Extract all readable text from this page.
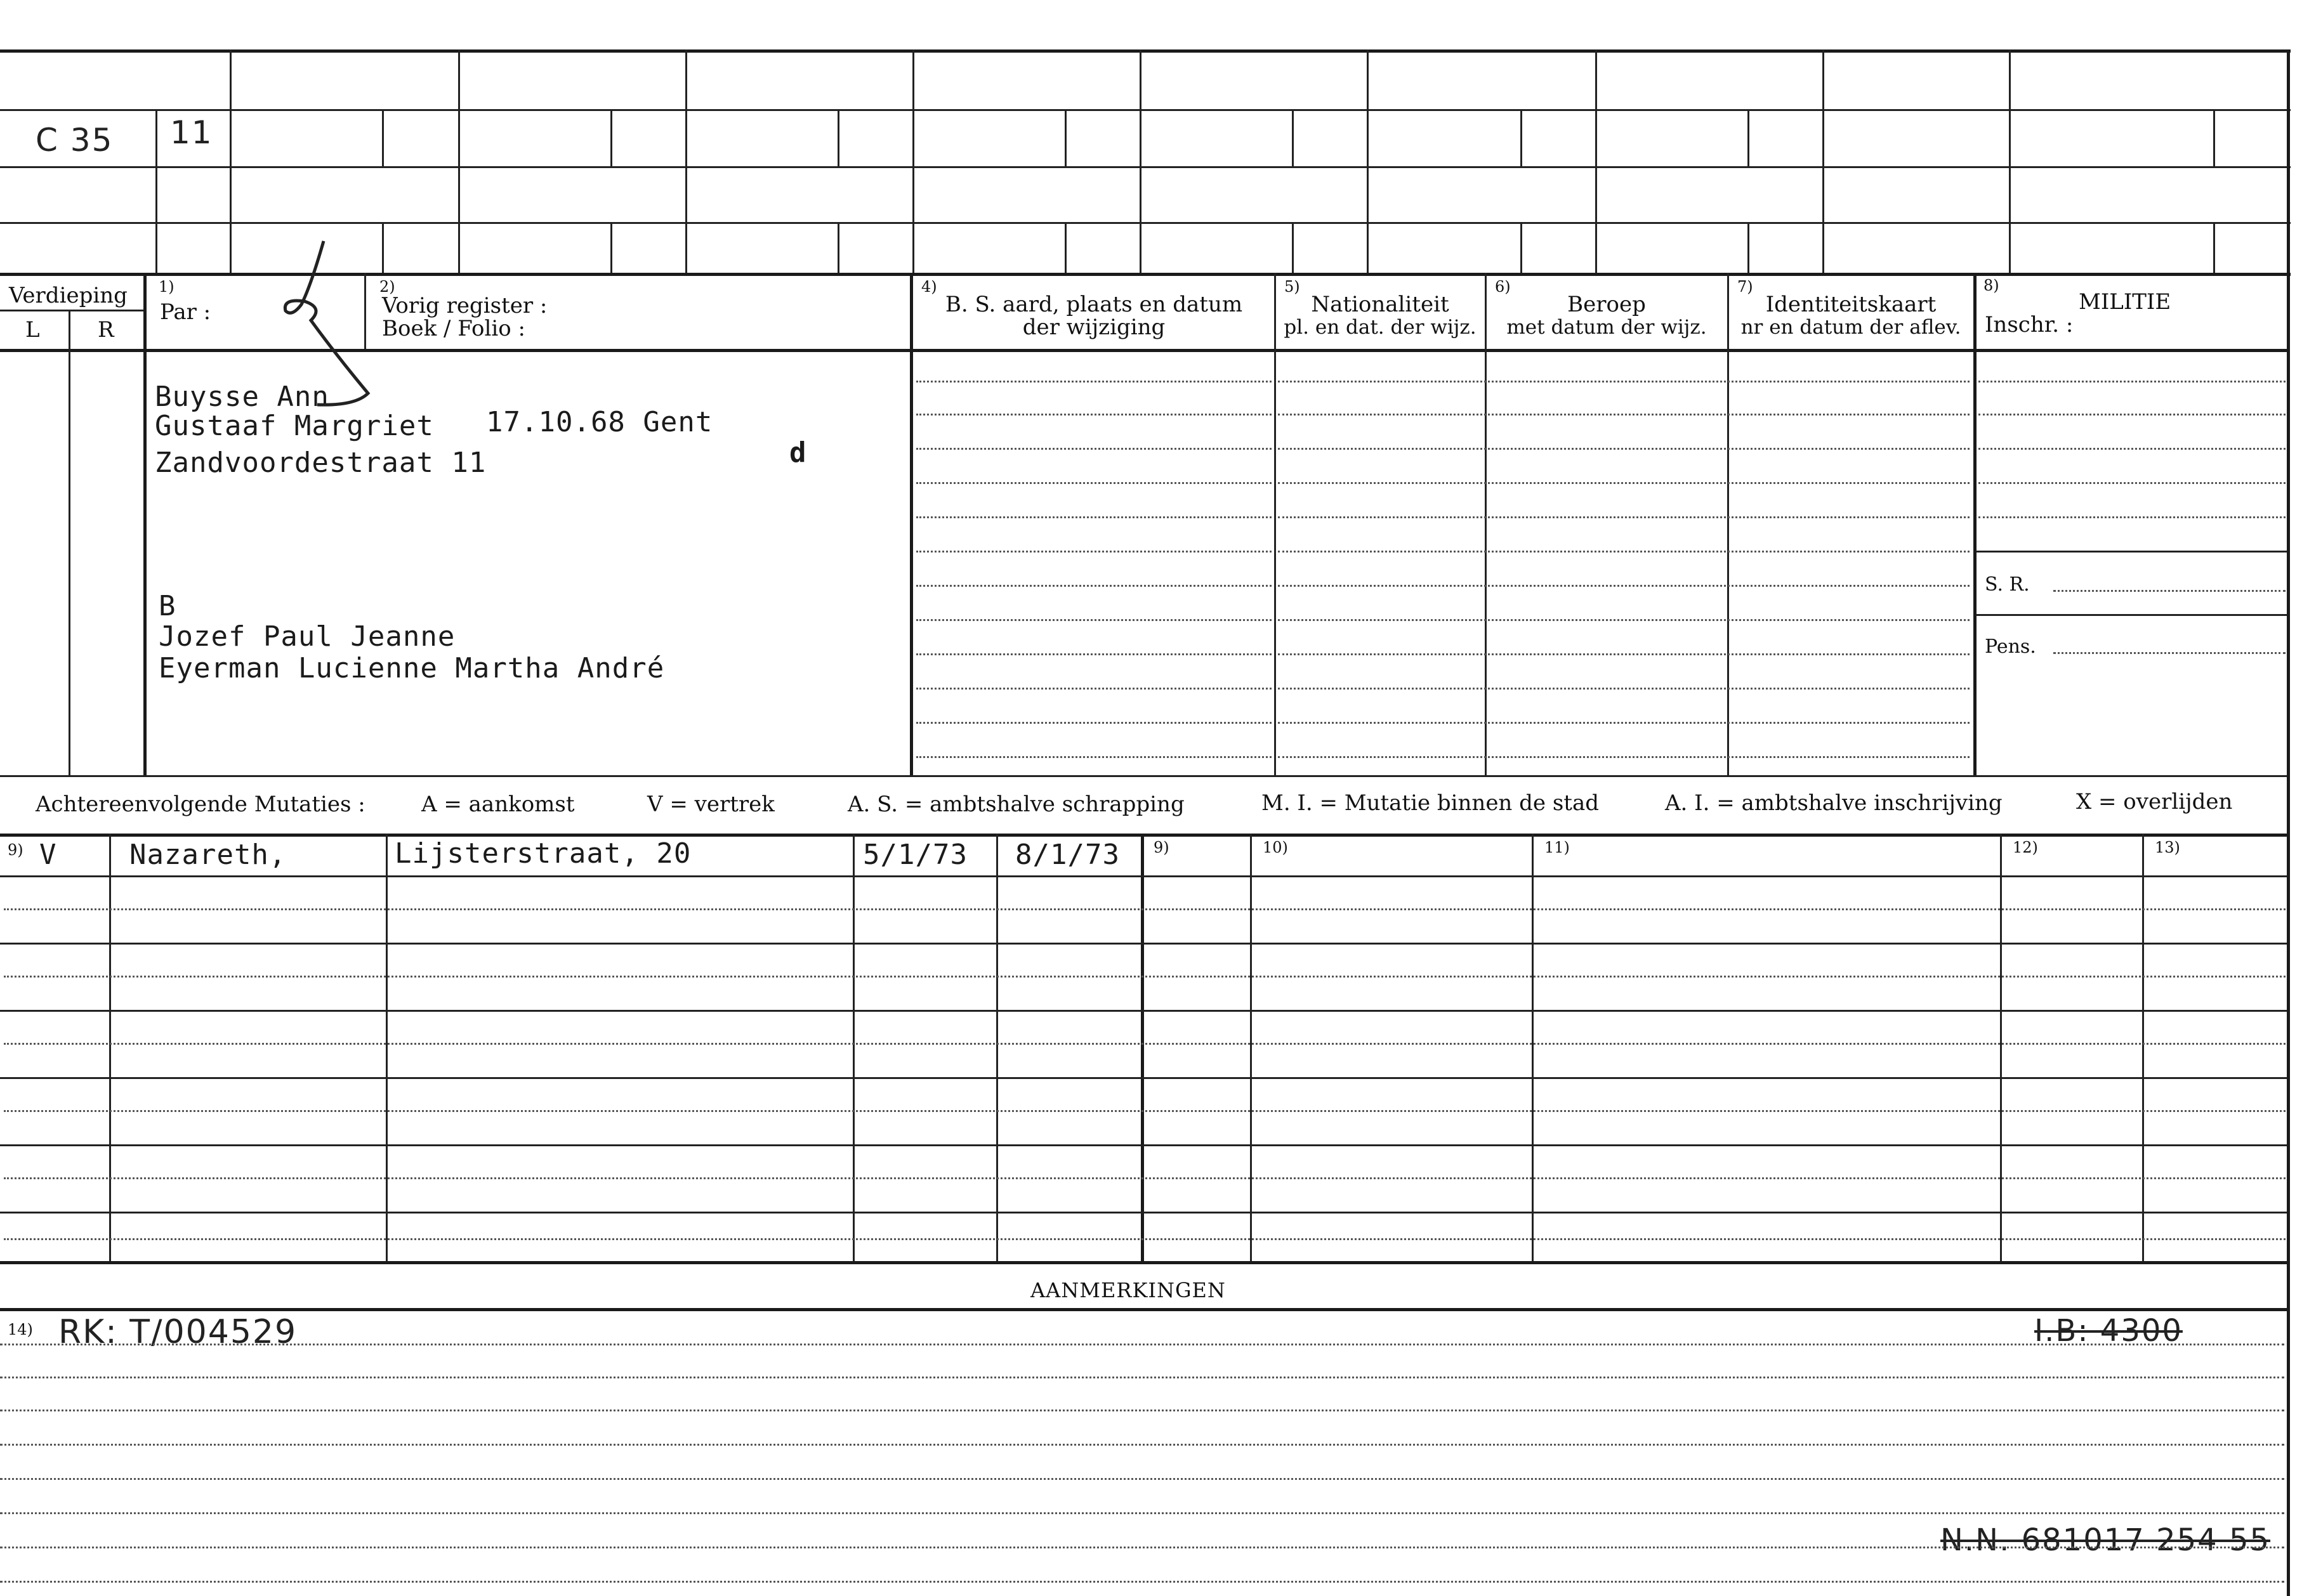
C 35 11
Verdieping
L	R
1)
Par :
2)
Vorig register :
Boek / Folio :
4)
B. S. aard, plaats en datum
der wijziging
5)
Nationaliteit
pl. en dat. der wijz.
6)
Beroep
met datum der wijz.
7)
Identiteitskaart
nr en datum der aflev.
8)
MILITIE
Inschr. :
S. R.
Pens.
Buysse Ann
Gustaaf Margriet 17.10.68 Gent
Zandvoordestraat 11	d
B
Jozef Paul Jeanne
Eyerman Lucienne Martha André
Achtereenvolgende Mutaties :	A = aankomst	V = vertrek	A. S. = ambtshalve schrapping	M. I. = Mutatie binnen de stad	A. I. = ambtshalve inschrijving	X = overlijden
9)	9)	10)	11)	12)	13)
V	Nazareth,	Lijsterstraat, 20	5/1/73 8/1/73
AANMERKINGEN
14) RK: T/004529	I.B: 4300
N.N. 681017 254 55
